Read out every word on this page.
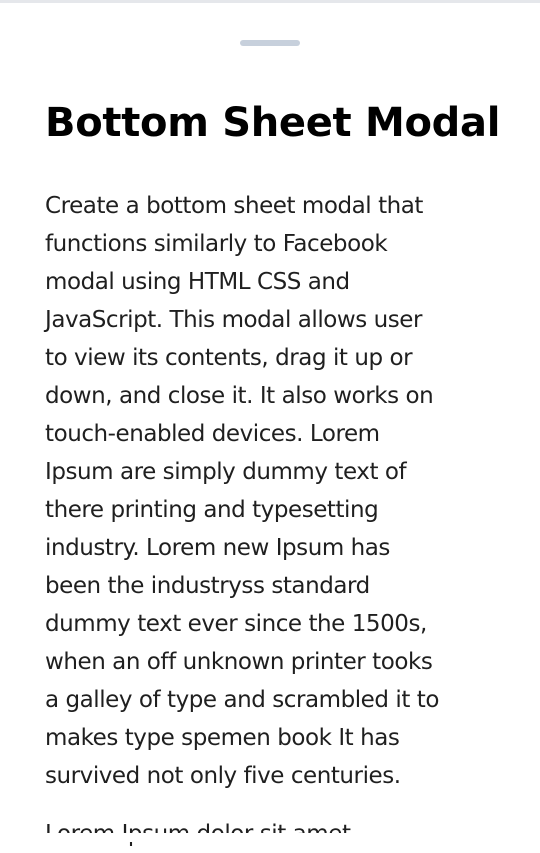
Bottom Sheet Modal

Create a bottom sheet modal that
functions similarly to Facebook
modal using HTML CSS and
JavaScript. This modal allows user
to view its contents, drag it up or
down, and close it. It also works on
touch-enabled devices. Lorem
Ipsum are simply dummy text of
there printing and typesetting
industry. Lorem new Ipsum has
been the industryss standard
dummy text ever since the 1500s,
when an off unknown printer tooks
a galley of type and scrambled it to
makes type spemen book It has
survived not only five centuries.
